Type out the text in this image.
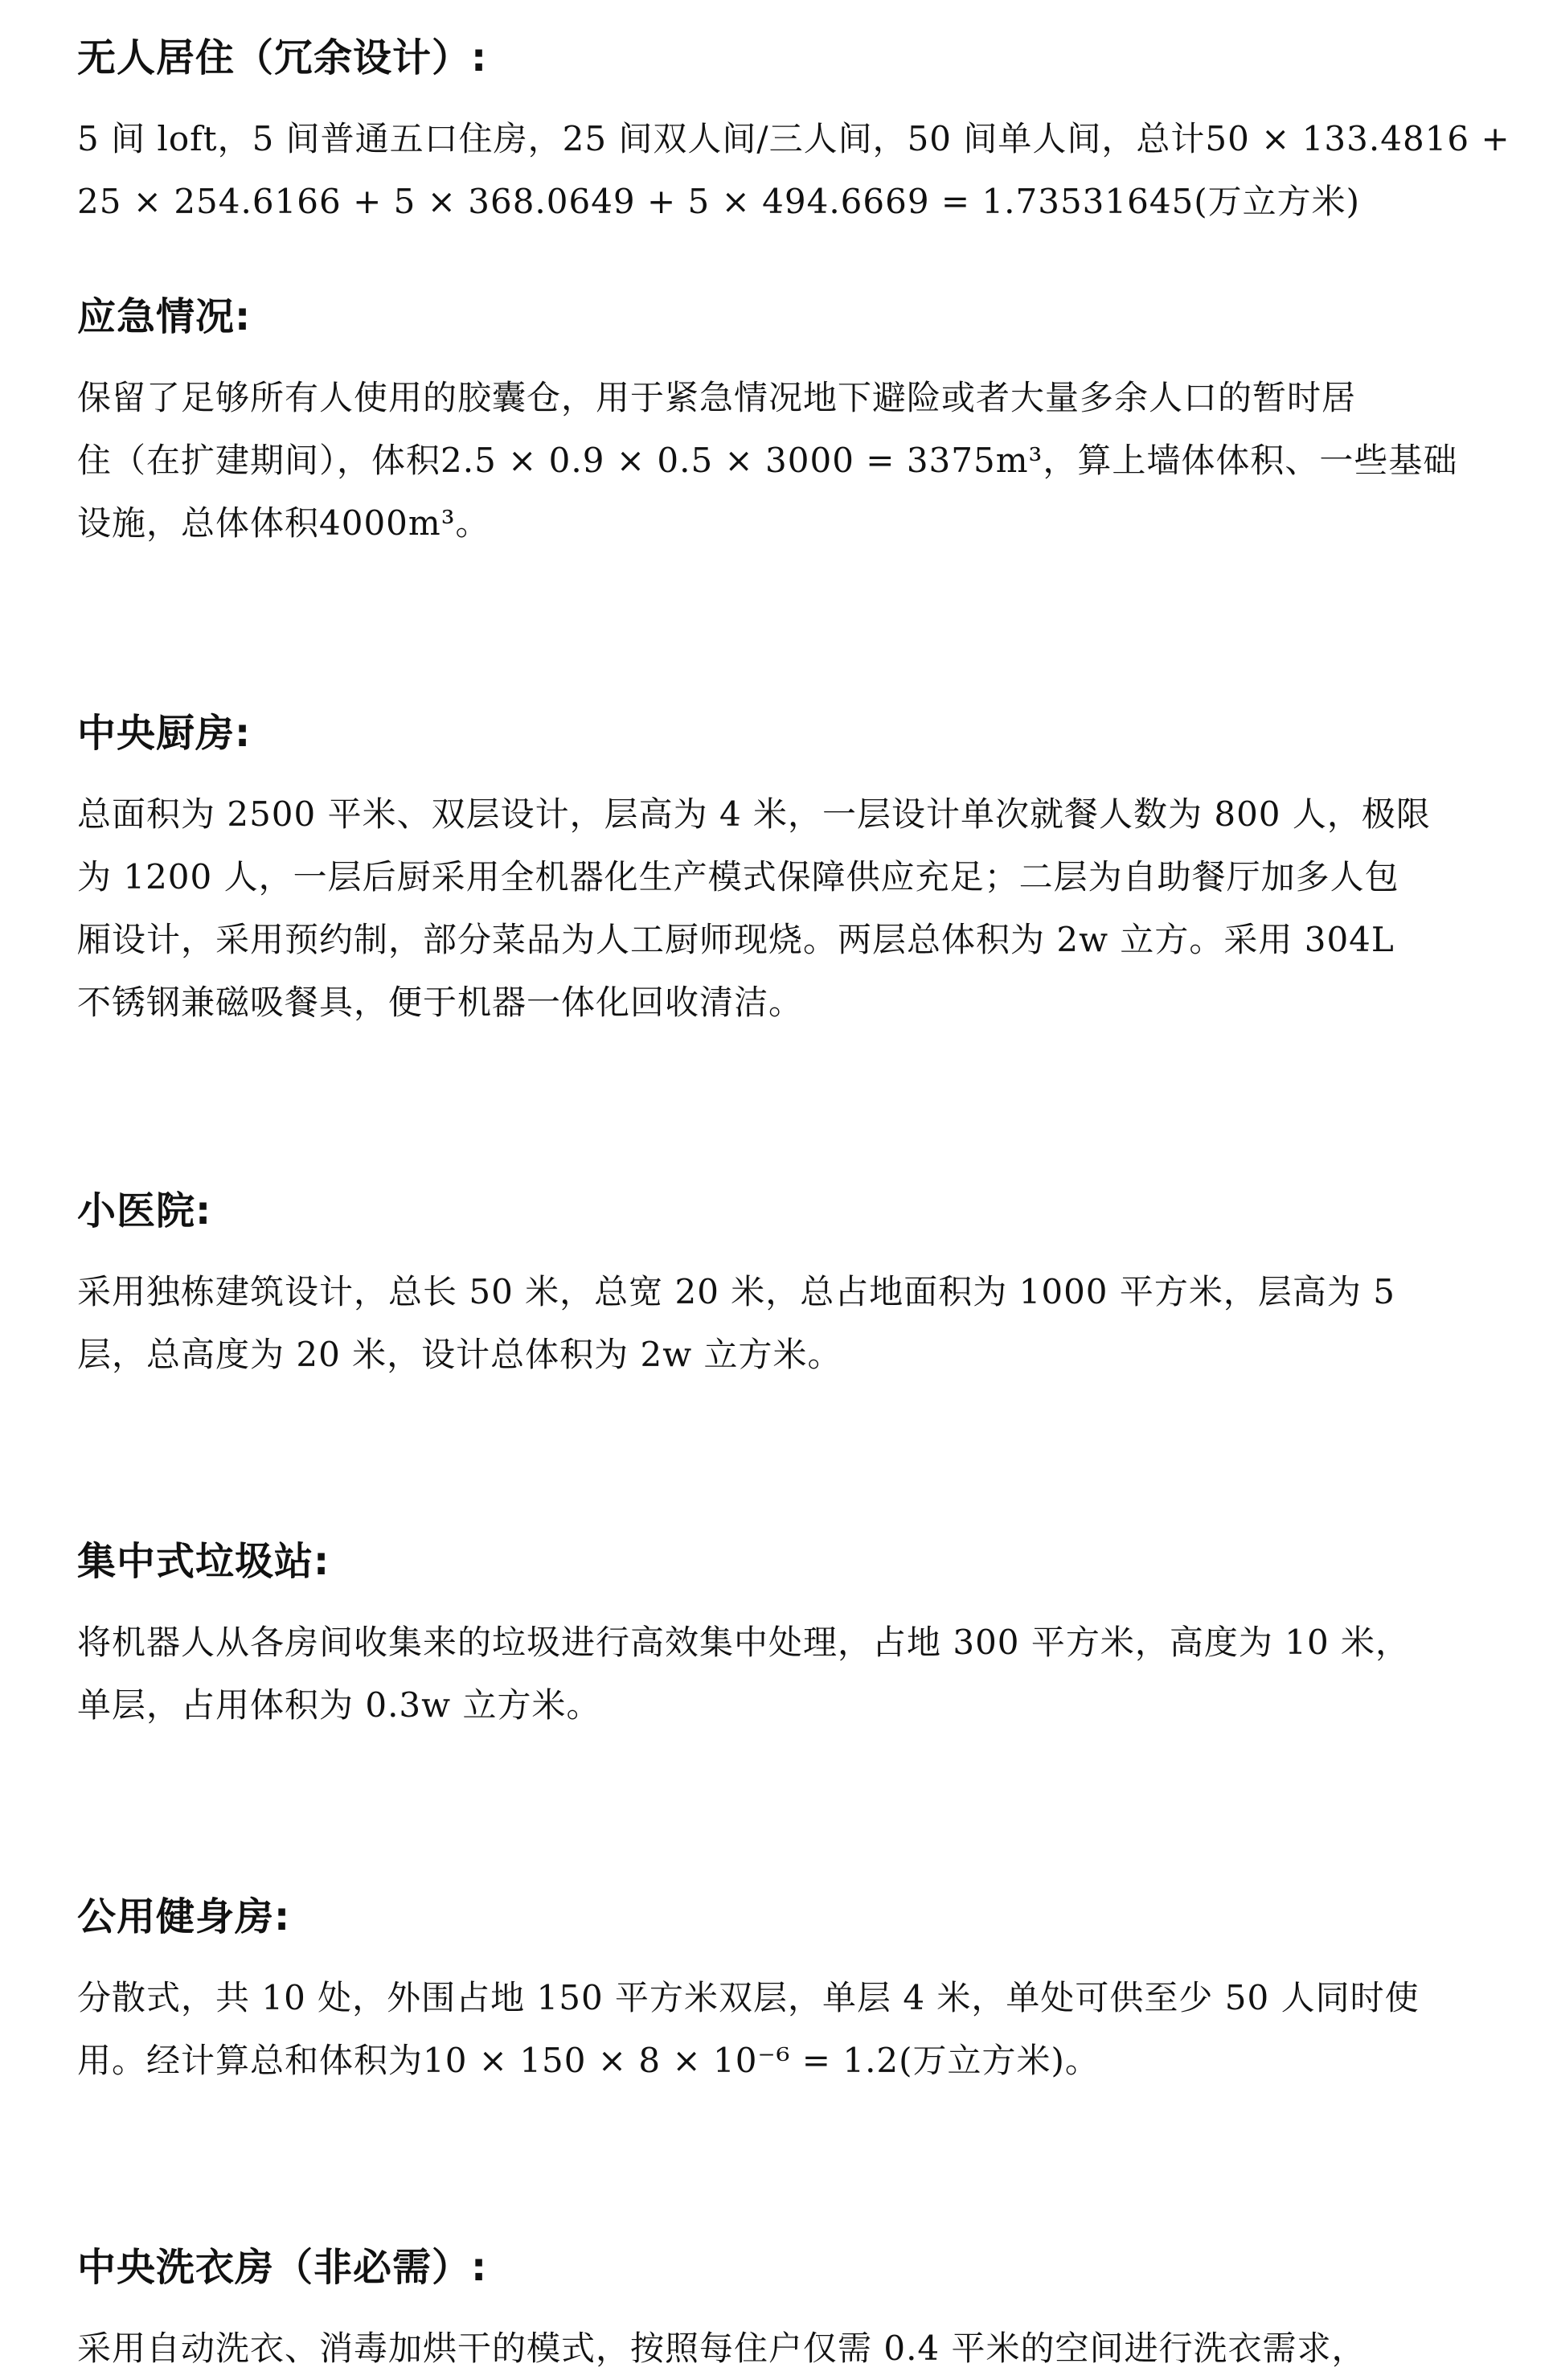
无人居住（冗余设计）:
5 间 loft，5 间普通五口住房，25 间双人间/三人间，50 间单人间，总计50 × 133.4816 +
25 × 254.6166 + 5 × 368.0649 + 5 × 494.6669 = 1.73531645(万立方米)
应急情况:
保留了足够所有人使用的胶囊仓，用于紧急情况地下避险或者大量多余人口的暂时居
住（在扩建期间），体积2.5 × 0.9 × 0.5 × 3000 = 3375m³，算上墙体体积、一些基础
设施，总体体积4000m³。
中央厨房:
总面积为 2500 平米、双层设计，层高为 4 米，一层设计单次就餐人数为 800 人，极限
为 1200 人，一层后厨采用全机器化生产模式保障供应充足；二层为自助餐厅加多人包
厢设计，采用预约制，部分菜品为人工厨师现烧。两层总体积为 2w 立方。采用 304L
不锈钢兼磁吸餐具，便于机器一体化回收清洁。
小医院:
采用独栋建筑设计，总长 50 米，总宽 20 米，总占地面积为 1000 平方米，层高为 5
层，总高度为 20 米，设计总体积为 2w 立方米。
集中式垃圾站:
将机器人从各房间收集来的垃圾进行高效集中处理，占地 300 平方米，高度为 10 米，
单层，占用体积为 0.3w 立方米。
公用健身房:
分散式，共 10 处，外围占地 150 平方米双层，单层 4 米，单处可供至少 50 人同时使
用。经计算总和体积为10 × 150 × 8 × 10⁻⁶ = 1.2(万立方米)。
中央洗衣房（非必需）:
采用自动洗衣、消毒加烘干的模式，按照每住户仅需 0.4 平米的空间进行洗衣需求，
